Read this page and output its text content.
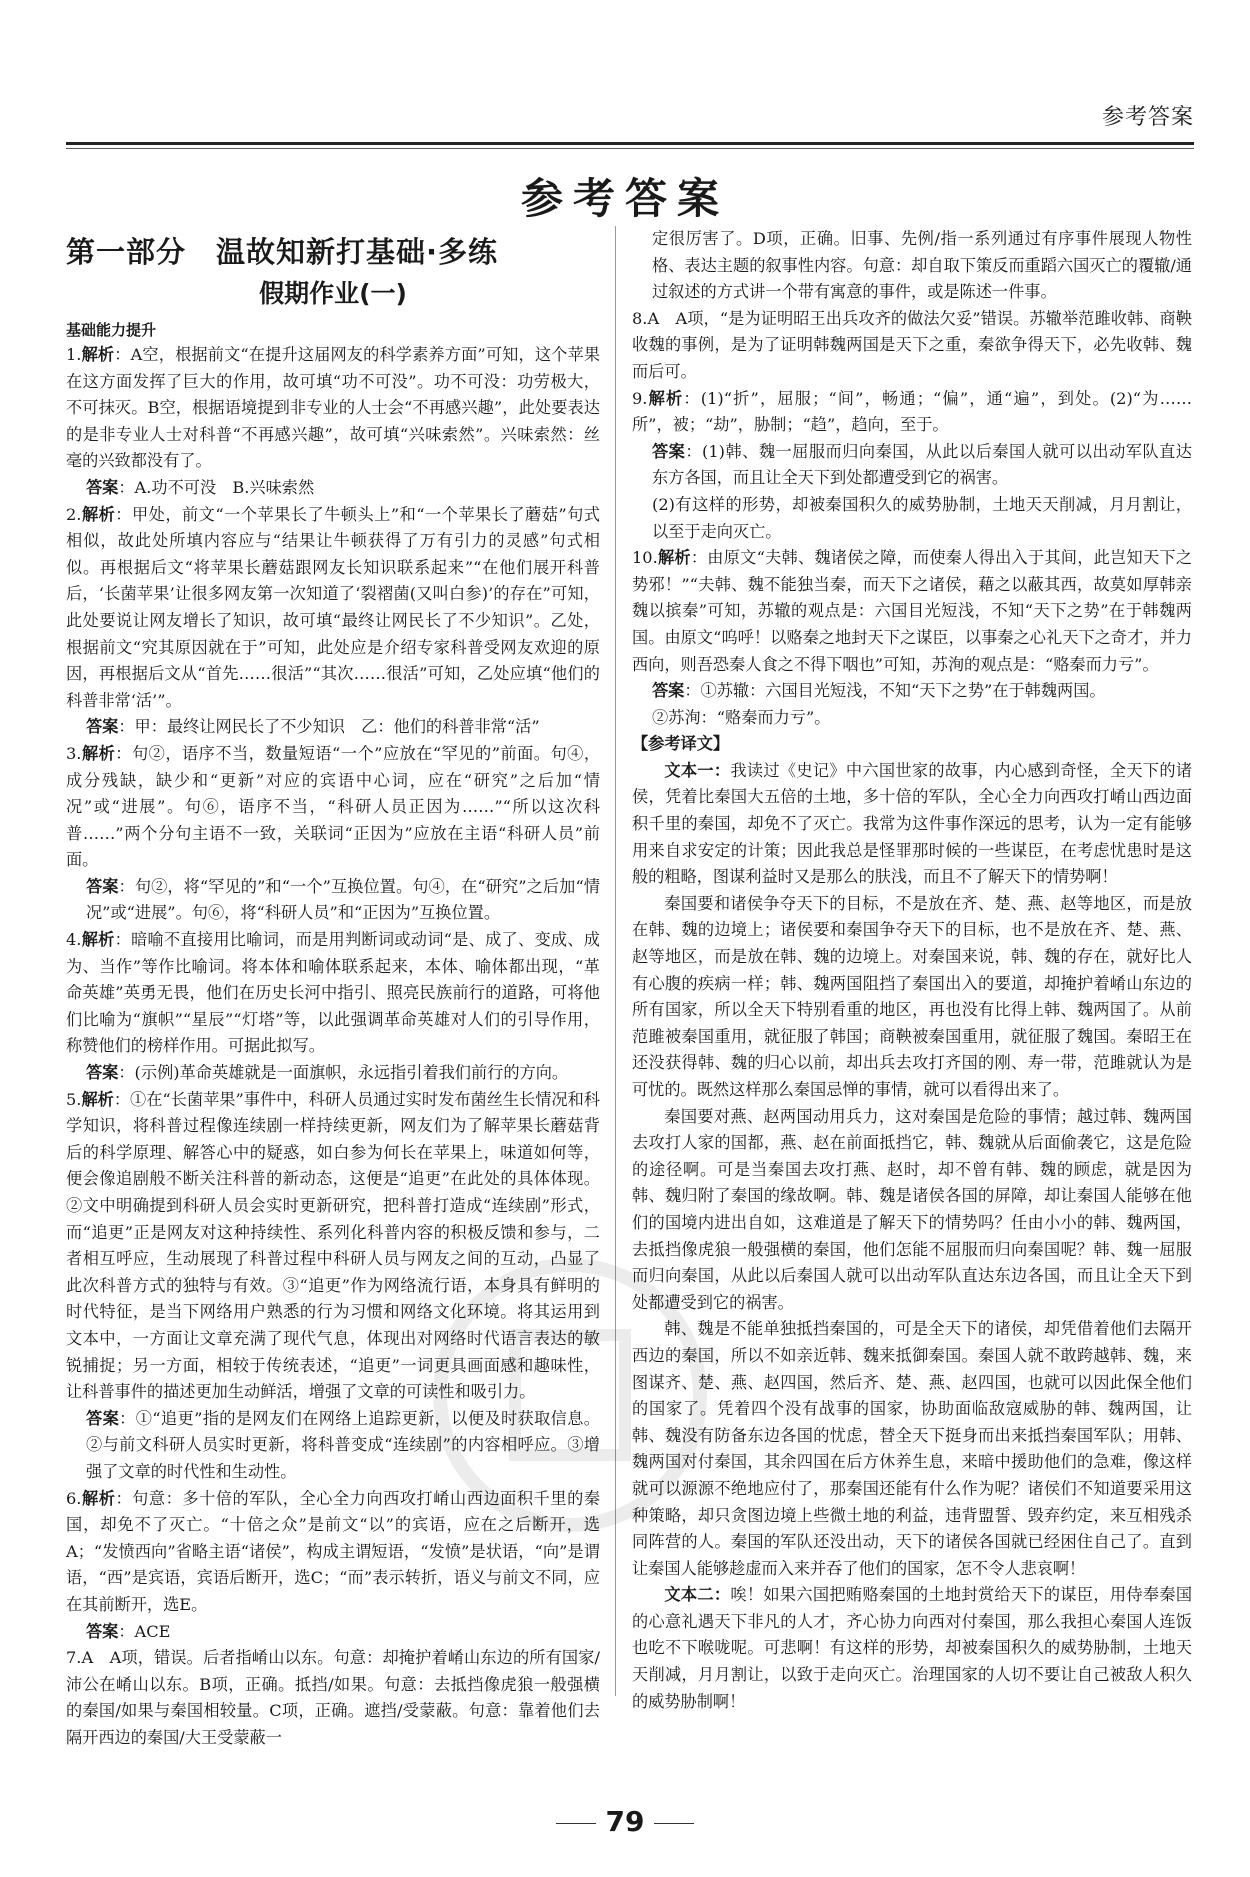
参考答案
参考答案
第一部分　温故知新打基础·多练
假期作业(一)
基础能力提升

1.解析：A空，根据前文“在提升这届网友的科学素养方面”可知，这个苹果在这方面发挥了巨大的作用，故可填“功不可没”。功不可没：功劳极大，不可抹灭。B空，根据语境提到非专业的人士会“不再感兴趣”，此处要表达的是非专业人士对科普“不再感兴趣”，故可填“兴味索然”。兴味索然：丝毫的兴致都没有了。

答案：A.功不可没　B.兴味索然

2.解析：甲处，前文“一个苹果长了牛顿头上”和“一个苹果长了蘑菇”句式相似，故此处所填内容应与“结果让牛顿获得了万有引力的灵感”句式相似。再根据后文“将苹果长蘑菇跟网友长知识联系起来”“在他们展开科普后，‘长菌苹果’让很多网友第一次知道了‘裂褶菌(又叫白参)’的存在”可知，此处要说让网友增长了知识，故可填“最终让网民长了不少知识”。乙处，根据前文“究其原因就在于”可知，此处应是介绍专家科普受网友欢迎的原因，再根据后文从“首先……很活”“其次……很活”可知，乙处应填“他们的科普非常‘活’”。

答案：甲：最终让网民长了不少知识　乙：他们的科普非常“活”

3.解析：句②，语序不当，数量短语“一个”应放在“罕见的”前面。句④，成分残缺，缺少和“更新”对应的宾语中心词，应在“研究”之后加“情况”或“进展”。句⑥，语序不当，“科研人员正因为……”“所以这次科普……”两个分句主语不一致，关联词“正因为”应放在主语“科研人员”前面。

答案：句②，将“罕见的”和“一个”互换位置。句④，在“研究”之后加“情况”或“进展”。句⑥，将“科研人员”和“正因为”互换位置。

4.解析：暗喻不直接用比喻词，而是用判断词或动词“是、成了、变成、成为、当作”等作比喻词。将本体和喻体联系起来，本体、喻体都出现，“革命英雄”英勇无畏，他们在历史长河中指引、照亮民族前行的道路，可将他们比喻为“旗帜”“星辰”“灯塔”等，以此强调革命英雄对人们的引导作用，称赞他们的榜样作用。可据此拟写。

答案：(示例)革命英雄就是一面旗帜，永远指引着我们前行的方向。

5.解析：①在“长菌苹果”事件中，科研人员通过实时发布菌丝生长情况和科学知识，将科普过程像连续剧一样持续更新，网友们为了解苹果长蘑菇背后的科学原理、解答心中的疑惑，如白参为何长在苹果上，味道如何等，便会像追剧般不断关注科普的新动态，这便是“追更”在此处的具体体现。②文中明确提到科研人员会实时更新研究，把科普打造成“连续剧”形式，而“追更”正是网友对这种持续性、系列化科普内容的积极反馈和参与，二者相互呼应，生动展现了科普过程中科研人员与网友之间的互动，凸显了此次科普方式的独特与有效。③“追更”作为网络流行语，本身具有鲜明的时代特征，是当下网络用户熟悉的行为习惯和网络文化环境。将其运用到文本中，一方面让文章充满了现代气息，体现出对网络时代语言表达的敏锐捕捉；另一方面，相较于传统表述，“追更”一词更具画面感和趣味性，让科普事件的描述更加生动鲜活，增强了文章的可读性和吸引力。

答案：①“追更”指的是网友们在网络上追踪更新，以便及时获取信息。②与前文科研人员实时更新，将科普变成“连续剧”的内容相呼应。③增强了文章的时代性和生动性。

6.解析：句意：多十倍的军队，全心全力向西攻打崤山西边面积千里的秦国，却免不了灭亡。“十倍之众”是前文“以”的宾语，应在之后断开，选A；“发愤西向”省略主语“诸侯”，构成主谓短语，“发愤”是状语，“向”是谓语，“西”是宾语，宾语后断开，选C；“而”表示转折，语义与前文不同，应在其前断开，选E。

答案：ACE

7.A　A项，错误。后者指崤山以东。句意：却掩护着崤山东边的所有国家/沛公在崤山以东。B项，正确。抵挡/如果。句意：去抵挡像虎狼一般强横的秦国/如果与秦国相较量。C项，正确。遮挡/受蒙蔽。句意：靠着他们去隔开西边的秦国/大王受蒙蔽一

定很厉害了。D项，正确。旧事、先例/指一系列通过有序事件展现人物性格、表达主题的叙事性内容。句意：却自取下策反而重蹈六国灭亡的覆辙/通过叙述的方式讲一个带有寓意的事件，或是陈述一件事。

8.A　A项，“是为证明昭王出兵攻齐的做法欠妥”错误。苏辙举范雎收韩、商鞅收魏的事例，是为了证明韩魏两国是天下之重，秦欲争得天下，必先收韩、魏而后可。

9.解析：(1)“折”，屈服；“间”，畅通；“偏”，通“遍”，到处。(2)“为……所”，被；“劫”，胁制；“趋”，趋向，至于。

答案：(1)韩、魏一屈服而归向秦国，从此以后秦国人就可以出动军队直达东方各国，而且让全天下到处都遭受到它的祸害。

(2)有这样的形势，却被秦国积久的威势胁制，土地天天削减，月月割让，以至于走向灭亡。

10.解析：由原文“夫韩、魏诸侯之障，而使秦人得出入于其间，此岂知天下之势邪！”“夫韩、魏不能独当秦，而天下之诸侯，藉之以蔽其西，故莫如厚韩亲魏以摈秦”可知，苏辙的观点是：六国目光短浅，不知“天下之势”在于韩魏两国。由原文“呜呼！以赂秦之地封天下之谋臣，以事秦之心礼天下之奇才，并力西向，则吾恐秦人食之不得下咽也”可知，苏洵的观点是：“赂秦而力亏”。

答案：①苏辙：六国目光短浅，不知“天下之势”在于韩魏两国。

②苏洵：“赂秦而力亏”。

【参考译文】

文本一：我读过《史记》中六国世家的故事，内心感到奇怪，全天下的诸侯，凭着比秦国大五倍的土地，多十倍的军队，全心全力向西攻打崤山西边面积千里的秦国，却免不了灭亡。我常为这件事作深远的思考，认为一定有能够用来自求安定的计策；因此我总是怪罪那时候的一些谋臣，在考虑忧患时是这般的粗略，图谋利益时又是那么的肤浅，而且不了解天下的情势啊！

秦国要和诸侯争夺天下的目标，不是放在齐、楚、燕、赵等地区，而是放在韩、魏的边境上；诸侯要和秦国争夺天下的目标，也不是放在齐、楚、燕、赵等地区，而是放在韩、魏的边境上。对秦国来说，韩、魏的存在，就好比人有心腹的疾病一样；韩、魏两国阻挡了秦国出入的要道，却掩护着崤山东边的所有国家，所以全天下特别看重的地区，再也没有比得上韩、魏两国了。从前范雎被秦国重用，就征服了韩国；商鞅被秦国重用，就征服了魏国。秦昭王在还没获得韩、魏的归心以前，却出兵去攻打齐国的刚、寿一带，范雎就认为是可忧的。既然这样那么秦国忌惮的事情，就可以看得出来了。

秦国要对燕、赵两国动用兵力，这对秦国是危险的事情；越过韩、魏两国去攻打人家的国都，燕、赵在前面抵挡它，韩、魏就从后面偷袭它，这是危险的途径啊。可是当秦国去攻打燕、赵时，却不曾有韩、魏的顾虑，就是因为韩、魏归附了秦国的缘故啊。韩、魏是诸侯各国的屏障，却让秦国人能够在他们的国境内进出自如，这难道是了解天下的情势吗？任由小小的韩、魏两国，去抵挡像虎狼一般强横的秦国，他们怎能不屈服而归向秦国呢？韩、魏一屈服而归向秦国，从此以后秦国人就可以出动军队直达东边各国，而且让全天下到处都遭受到它的祸害。

韩、魏是不能单独抵挡秦国的，可是全天下的诸侯，却凭借着他们去隔开西边的秦国，所以不如亲近韩、魏来抵御秦国。秦国人就不敢跨越韩、魏，来图谋齐、楚、燕、赵四国，然后齐、楚、燕、赵四国，也就可以因此保全他们的国家了。凭着四个没有战事的国家，协助面临敌寇威胁的韩、魏两国，让韩、魏没有防备东边各国的忧虑，替全天下挺身而出来抵挡秦国军队；用韩、魏两国对付秦国，其余四国在后方休养生息，来暗中援助他们的急难，像这样就可以源源不绝地应付了，那秦国还能有什么作为呢？诸侯们不知道要采用这种策略，却只贪图边境上些微土地的利益，违背盟誓、毁弃约定，来互相残杀同阵营的人。秦国的军队还没出动，天下的诸侯各国就已经困住自己了。直到让秦国人能够趁虚而入来并吞了他们的国家，怎不令人悲哀啊！

文本二：唉！如果六国把贿赂秦国的土地封赏给天下的谋臣，用侍奉秦国的心意礼遇天下非凡的人才，齐心协力向西对付秦国，那么我担心秦国人连饭也吃不下喉咙呢。可悲啊！有这样的形势，却被秦国积久的威势胁制，土地天天削减，月月割让，以致于走向灭亡。治理国家的人切不要让自己被敌人积久的威势胁制啊！

79
